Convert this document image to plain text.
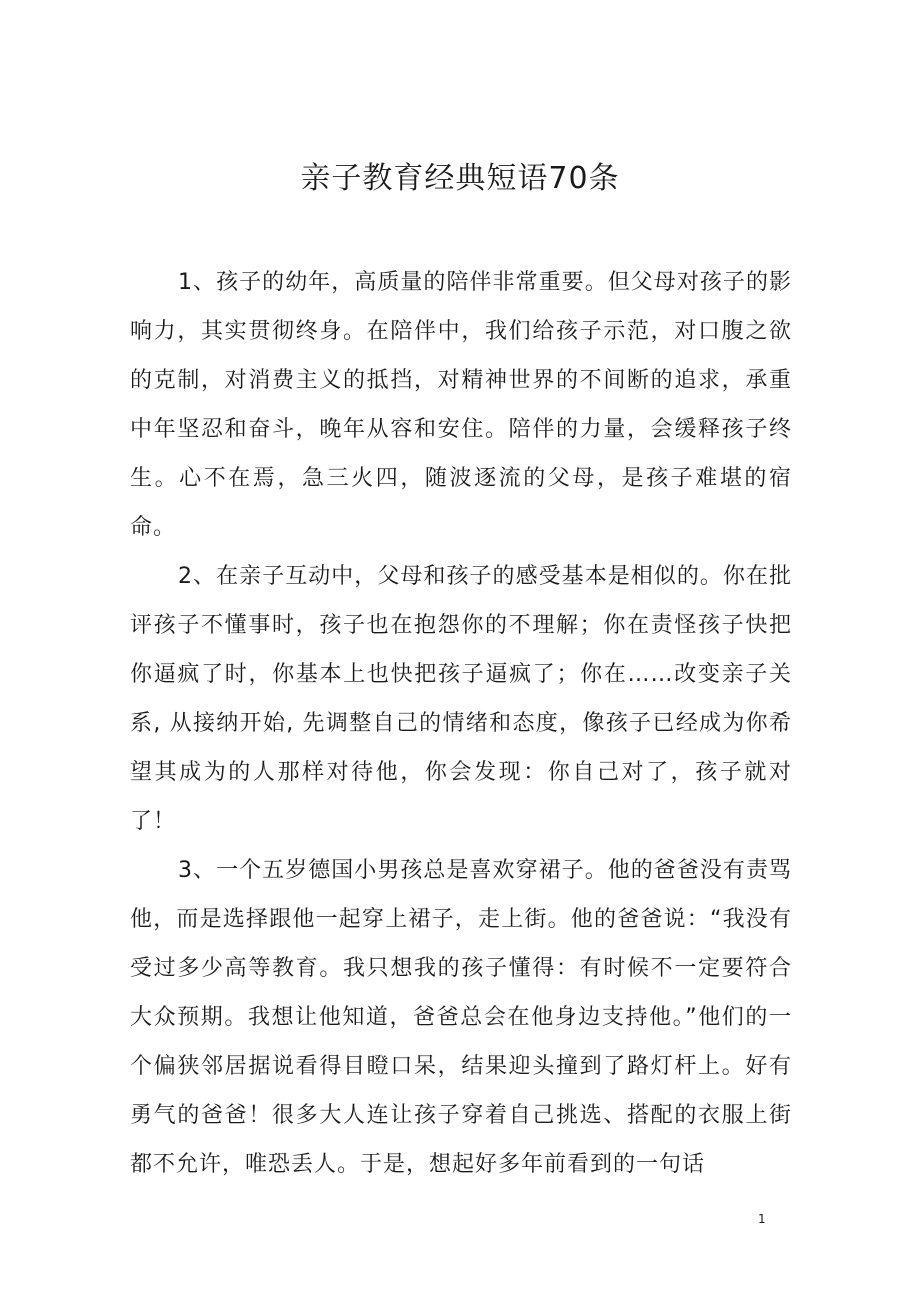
亲子教育经典短语70条

1、孩子的幼年，高质量的陪伴非常重要。但父母对孩子的影响力，其实贯彻终身。在陪伴中，我们给孩子示范，对口腹之欲的克制，对消费主义的抵挡，对精神世界的不间断的追求，承重中年坚忍和奋斗，晚年从容和安住。陪伴的力量，会缓释孩子终生。心不在焉，急三火四，随波逐流的父母，是孩子难堪的宿命。

2、在亲子互动中，父母和孩子的感受基本是相似的。你在批评孩子不懂事时，孩子也在抱怨你的不理解；你在责怪孩子快把你逼疯了时，你基本上也快把孩子逼疯了；你在……改变亲子关系, 从接纳开始, 先调整自己的情绪和态度，像孩子已经成为你希望其成为的人那样对待他，你会发现：你自己对了，孩子就对了！

3、一个五岁德国小男孩总是喜欢穿裙子。他的爸爸没有责骂他，而是选择跟他一起穿上裙子，走上街。他的爸爸说：“我没有受过多少高等教育。我只想我的孩子懂得：有时候不一定要符合大众预期。我想让他知道，爸爸总会在他身边支持他。”他们的一个偏狭邻居据说看得目瞪口呆，结果迎头撞到了路灯杆上。好有勇气的爸爸！很多大人连让孩子穿着自己挑选、搭配的衣服上街都不允许，唯恐丢人。于是，想起好多年前看到的一句话

1
